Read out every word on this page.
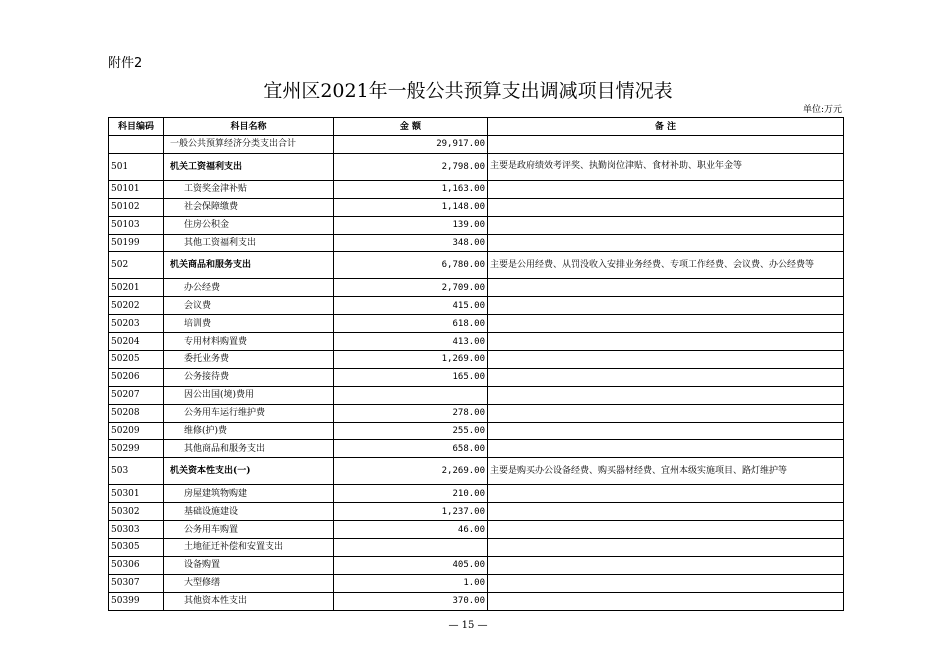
附件2
宜州区2021年一般公共预算支出调减项目情况表
单位:万元
科目编码	科目名称	金 额	备 注
	一般公共预算经济分类支出合计	29,917.00	
501	机关工资福利支出	2,798.00	主要是政府绩效考评奖、执勤岗位津贴、食材补助、职业年金等
50101	工资奖金津补贴	1,163.00	
50102	社会保障缴费	1,148.00	
50103	住房公积金	139.00	
50199	其他工资福利支出	348.00	
502	机关商品和服务支出	6,780.00	主要是公用经费、从罚没收入安排业务经费、专项工作经费、会议费、办公经费等
50201	办公经费	2,709.00	
50202	会议费	415.00	
50203	培训费	618.00	
50204	专用材料购置费	413.00	
50205	委托业务费	1,269.00	
50206	公务接待费	165.00	
50207	因公出国(境)费用		
50208	公务用车运行维护费	278.00	
50209	维修(护)费	255.00	
50299	其他商品和服务支出	658.00	
503	机关资本性支出(一)	2,269.00	主要是购买办公设备经费、购买器材经费、宜州本级实施项目、路灯维护等
50301	房屋建筑物购建	210.00	
50302	基础设施建设	1,237.00	
50303	公务用车购置	46.00	
50305	土地征迁补偿和安置支出		
50306	设备购置	405.00	
50307	大型修缮	1.00	
50399	其他资本性支出	370.00	
— 15 —
